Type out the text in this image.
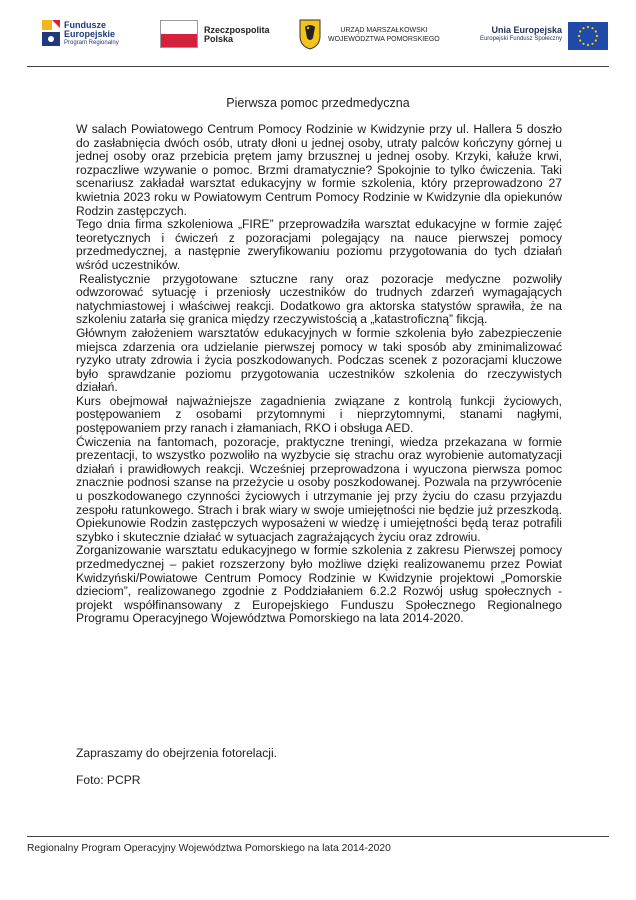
Fundusze
Europejskie
Program Regionalny
Rzeczpospolita
Polska
URZĄD MARSZAŁKOWSKI
WOJEWÓDZTWA POMORSKIEGO
Unia Europejska
Europejski Fundusz Społeczny
Pierwsza pomoc przedmedyczna

W salach Powiatowego Centrum Pomocy Rodzinie w Kwidzynie przy ul. Hallera 5 doszło do zasłabnięcia dwóch osób, utraty dłoni u jednej osoby, utraty palców kończyny górnej u jednej osoby oraz przebicia prętem jamy brzusznej u jednej osoby. Krzyki, kałuże krwi, rozpaczliwe wzywanie o pomoc. Brzmi dramatycznie? Spokojnie to tylko ćwiczenia. Taki scenariusz zakładał warsztat edukacyjny w formie szkolenia, który przeprowadzono 27 kwietnia 2023 roku w Powiatowym Centrum Pomocy Rodzinie w Kwidzynie dla opiekunów Rodzin zastępczych.

Tego dnia firma szkoleniowa „FIRE” przeprowadziła warsztat edukacyjne w formie zajęć teoretycznych i ćwiczeń z pozoracjami polegający na nauce pierwszej pomocy przedmedycznej, a następnie zweryfikowaniu poziomu przygotowania do tych działań wśród uczestników.

Realistycznie przygotowane sztuczne rany oraz pozoracje medyczne pozwoliły odwzorować sytuację i przeniosły uczestników do trudnych zdarzeń wymagających natychmiastowej i właściwej reakcji. Dodatkowo gra aktorska statystów sprawiła, że na szkoleniu zatarła się granica między rzeczywistością a „katastroficzną” fikcją.

Głównym założeniem warsztatów edukacyjnych w formie szkolenia było zabezpieczenie miejsca zdarzenia ora udzielanie pierwszej pomocy w taki sposób aby zminimalizować ryzyko utraty zdrowia i życia poszkodowanych. Podczas scenek z pozoracjami kluczowe było sprawdzanie poziomu przygotowania uczestników szkolenia do rzeczywistych działań.

Kurs obejmował najważniejsze zagadnienia związane z kontrolą funkcji życiowych, postępowaniem z osobami przytomnymi i nieprzytomnymi, stanami nagłymi, postępowaniem przy ranach i złamaniach, RKO i obsługa AED.

Ćwiczenia na fantomach, pozoracje, praktyczne treningi, wiedza przekazana w formie prezentacji, to wszystko pozwoliło na wyzbycie się strachu oraz wyrobienie automatyzacji działań i prawidłowych reakcji. Wcześniej przeprowadzona i wyuczona pierwsza pomoc znacznie podnosi szanse na przeżycie u osoby poszkodowanej. Pozwala na przywrócenie u poszkodowanego czynności życiowych i utrzymanie jej przy życiu do czasu przyjazdu zespołu ratunkowego. Strach i brak wiary w swoje umiejętności nie będzie już przeszkodą. Opiekunowie Rodzin zastępczych wyposażeni w wiedzę i umiejętności będą teraz potrafili szybko i skutecznie działać w sytuacjach zagrażających życiu oraz zdrowiu.

Zorganizowanie warsztatu edukacyjnego w formie szkolenia z zakresu Pierwszej pomocy przedmedycznej – pakiet rozszerzony było możliwe dzięki realizowanemu przez Powiat Kwidzyński/Powiatowe Centrum Pomocy Rodzinie w Kwidzynie projektowi „Pomorskie dzieciom”, realizowanego zgodnie z Poddziałaniem 6.2.2 Rozwój usług społecznych - projekt współfinansowany z Europejskiego Funduszu Społecznego Regionalnego Programu Operacyjnego Województwa Pomorskiego na lata 2014-2020.

Zapraszamy do obejrzenia fotorelacji.
Foto: PCPR
Regionalny Program Operacyjny Województwa Pomorskiego na lata 2014-2020
